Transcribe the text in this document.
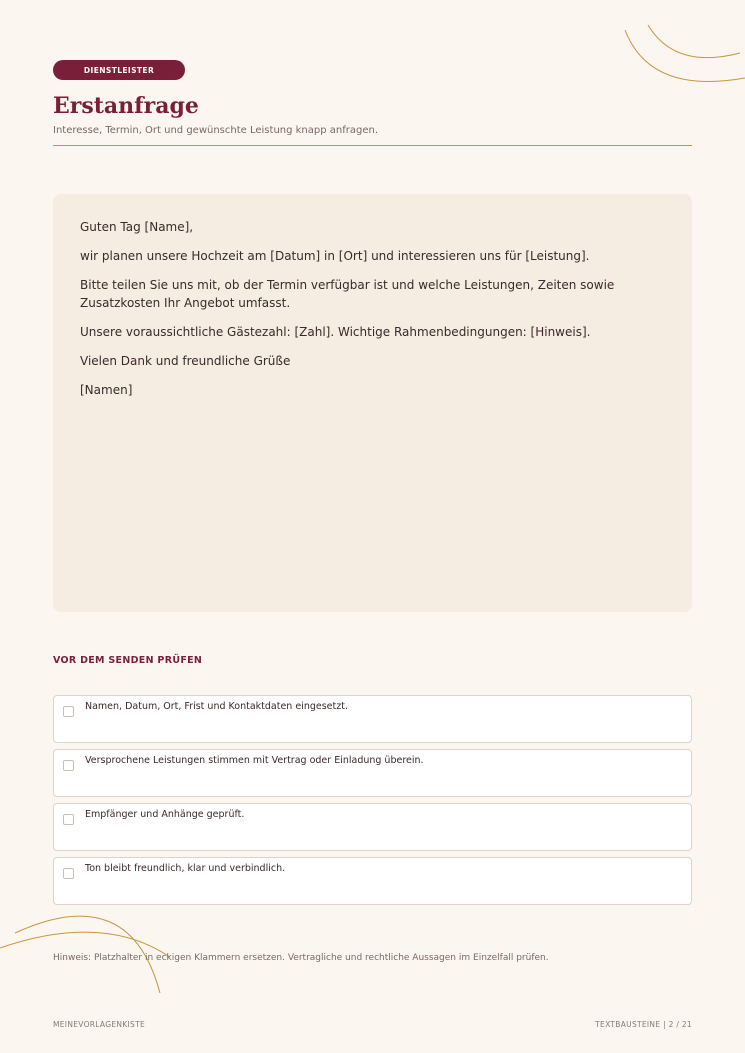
DIENSTLEISTER
Erstanfrage
Interesse, Termin, Ort und gewünschte Leistung knapp anfragen.

Guten Tag [Name],

wir planen unsere Hochzeit am [Datum] in [Ort] und interessieren uns für [Leistung].

Bitte teilen Sie uns mit, ob der Termin verfügbar ist und welche Leistungen, Zeiten sowie Zusatzkosten Ihr Angebot umfasst.

Unsere voraussichtliche Gästezahl: [Zahl]. Wichtige Rahmenbedingungen: [Hinweis].

Vielen Dank und freundliche Grüße

[Namen]

VOR DEM SENDEN PRÜFEN
Namen, Datum, Ort, Frist und Kontaktdaten eingesetzt.
Versprochene Leistungen stimmen mit Vertrag oder Einladung überein.
Empfänger und Anhänge geprüft.
Ton bleibt freundlich, klar und verbindlich.
Hinweis: Platzhalter in eckigen Klammern ersetzen. Vertragliche und rechtliche Aussagen im Einzelfall prüfen.
MEINEVORLAGENKISTE	TEXTBAUSTEINE | 2 / 21
